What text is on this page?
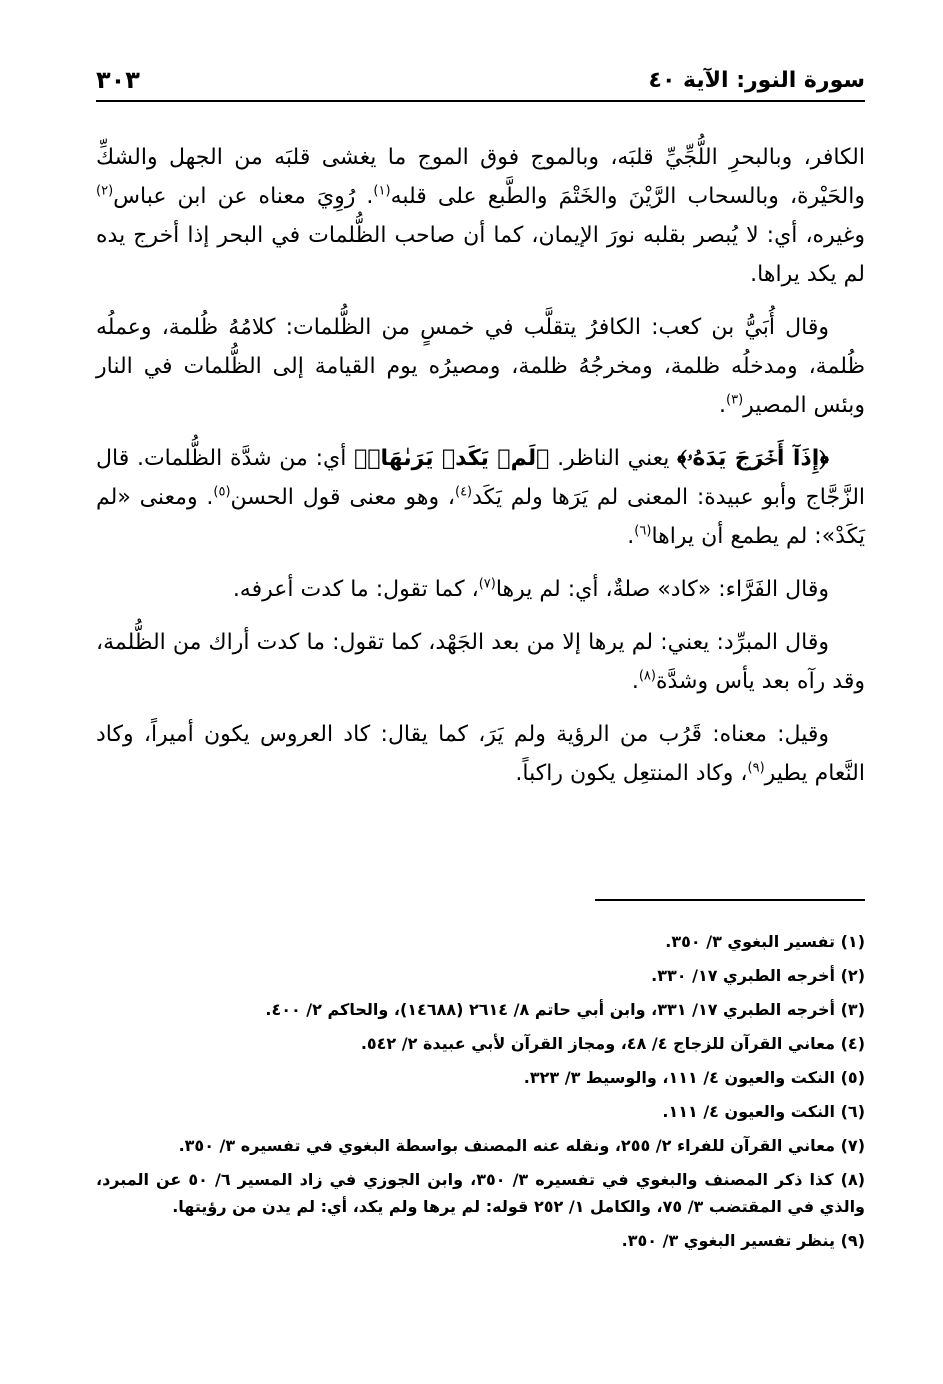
سورة النور: الآية ٤٠
٣٠٣

الكافر، وبالبحرِ اللُّجِّيِّ قلبَه، وبالموج فوق الموج ما يغشى قلبَه من الجهل والشكِّ والحَيْرة، وبالسحاب الرَّيْنَ والخَتْمَ والطَّبع على قلبه$^{(١)}$. رُوِيَ معناه عن ابن عباس$^{(٢)}$ وغيره، أي: لا يُبصر بقلبه نورَ الإيمان، كما أن صاحب الظُّلمات في البحر إذا أخرج يده لم يكد يراها.

وقال أُبَيُّ بن كعب: الكافرُ يتقلَّب في خمسٍ من الظُّلمات: كلامُهُ ظُلمة، وعملُه ظُلمة، ومدخلُه ظلمة، ومخرجُهُ ظلمة، ومصيرُه يوم القيامة إلى الظُّلمات في النار وبئس المصير$^{(٣)}$.

﴿إِذَآ أَخۡرَجَ يَدَهُۥ﴾ يعني الناظر. ﴿لَمۡ يَكَدۡ يَرَىٰهَاۗ﴾ أي: من شدَّة الظُّلمات. قال الزَّجَّاج وأبو عبيدة: المعنى لم يَرَها ولم يَكَد$^{(٤)}$، وهو معنى قول الحسن$^{(٥)}$. ومعنى «لم يَكَدْ»: لم يطمع أن يراها$^{(٦)}$.

وقال الفَرَّاء: «كاد» صلةٌ، أي: لم يرها$^{(٧)}$، كما تقول: ما كدت أعرفه.

وقال المبرِّد: يعني: لم يرها إلا من بعد الجَهْد، كما تقول: ما كدت أراك من الظُّلمة، وقد رآه بعد يأس وشدَّة$^{(٨)}$.

وقيل: معناه: قَرُب من الرؤية ولم يَرَ، كما يقال: كاد العروس يكون أميراً، وكاد النَّعام يطير$^{(٩)}$، وكاد المنتعِل يكون راكباً.

(١) تفسير البغوي ٣/ ٣٥٠.

(٢) أخرجه الطبري ١٧/ ٣٣٠.

(٣) أخرجه الطبري ١٧/ ٣٣١، وابن أبي حاتم ٨/ ٢٦١٤ (١٤٦٨٨)، والحاكم ٢/ ٤٠٠.

(٤) معاني القرآن للزجاج ٤/ ٤٨، ومجاز القرآن لأبي عبيدة ٢/ ٥٤٢.

(٥) النكت والعيون ٤/ ١١١، والوسيط ٣/ ٣٢٣.

(٦) النكت والعيون ٤/ ١١١.

(٧) معاني القرآن للفراء ٢/ ٢٥٥، ونقله عنه المصنف بواسطة البغوي في تفسيره ٣/ ٣٥٠.

(٨) كذا ذكر المصنف والبغوي في تفسيره ٣/ ٣٥٠، وابن الجوزي في زاد المسير ٦/ ٥٠ عن المبرد، والذي في المقتضب ٣/ ٧٥، والكامل ١/ ٢٥٢ قوله: لم يرها ولم يكد، أي: لم يدن من رؤيتها.

(٩) ينظر تفسير البغوي ٣/ ٣٥٠.
